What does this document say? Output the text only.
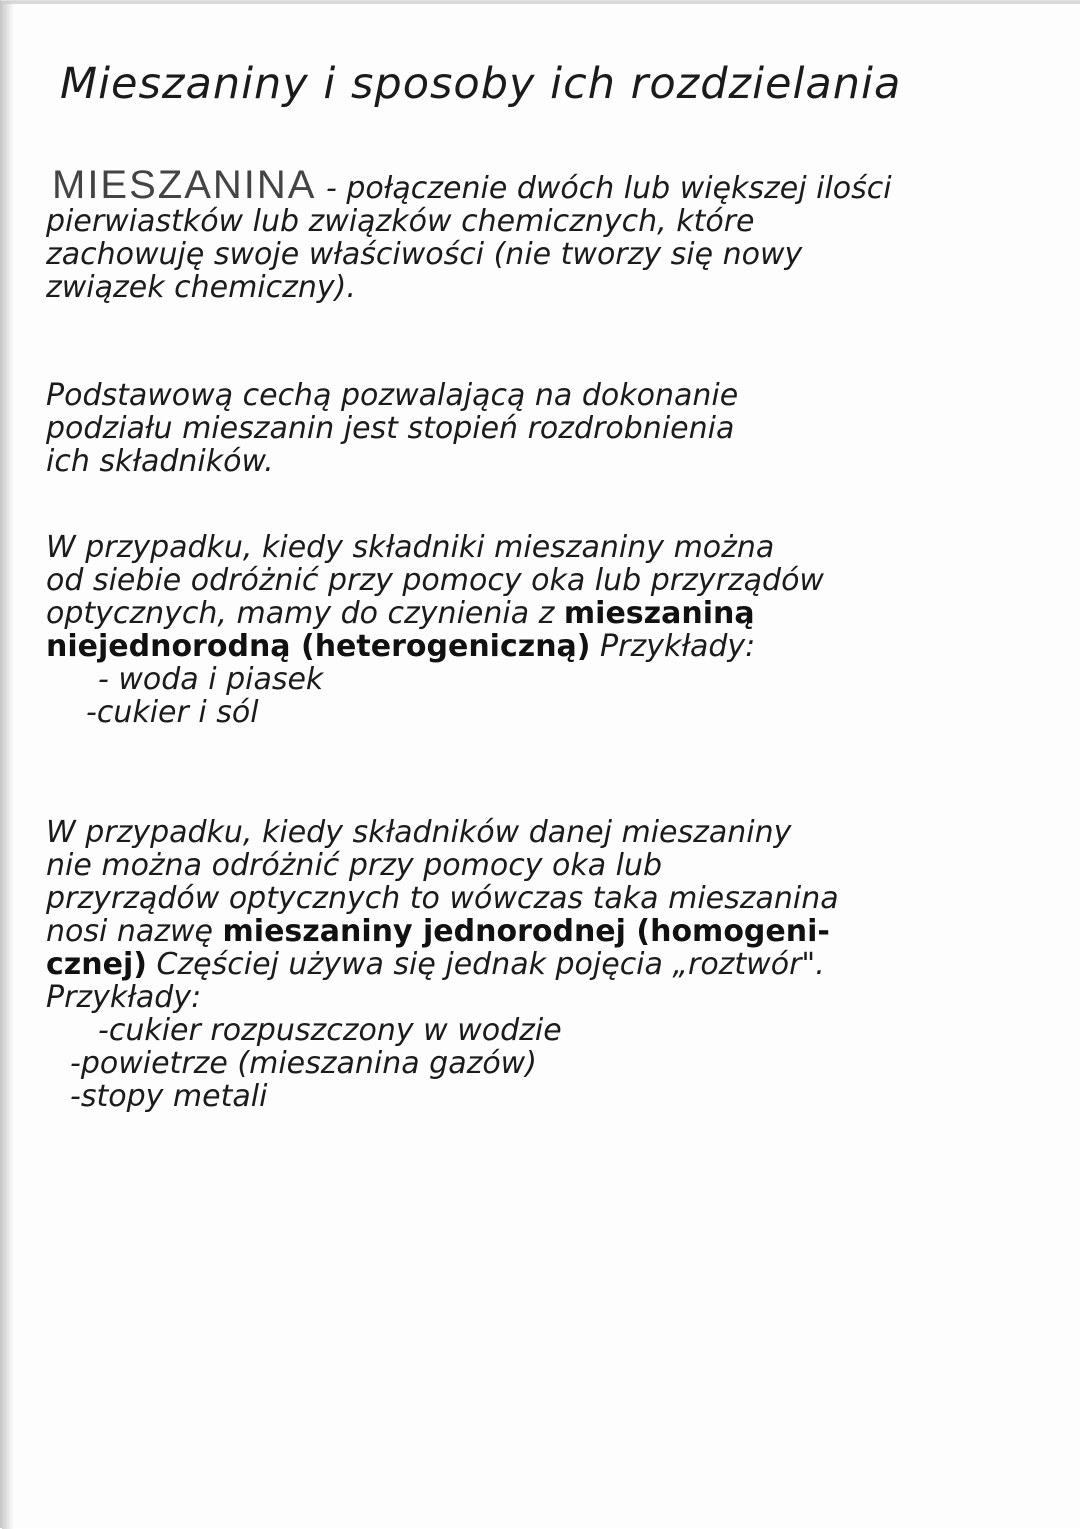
Mieszaniny i sposoby ich rozdzielania
MIESZANINA - połączenie dwóch lub większej ilości
pierwiastków lub związków chemicznych, które
zachowuję swoje właściwości (nie tworzy się nowy
związek chemiczny).
Podstawową cechą pozwalającą na dokonanie
podziału mieszanin jest stopień rozdrobnienia
ich składników.
W przypadku, kiedy składniki mieszaniny można
od siebie odróżnić przy pomocy oka lub przyrządów
optycznych, mamy do czynienia z mieszaniną
niejednorodną (heterogeniczną) Przykłady:
- woda i piasek
-cukier i sól
W przypadku, kiedy składników danej mieszaniny
nie można odróżnić przy pomocy oka lub
przyrządów optycznych to wówczas taka mieszanina
nosi nazwę mieszaniny jednorodnej (homogeni-
cznej) Częściej używa się jednak pojęcia „roztwór".
Przykłady:
-cukier rozpuszczony w wodzie
-powietrze (mieszanina gazów)
-stopy metali
